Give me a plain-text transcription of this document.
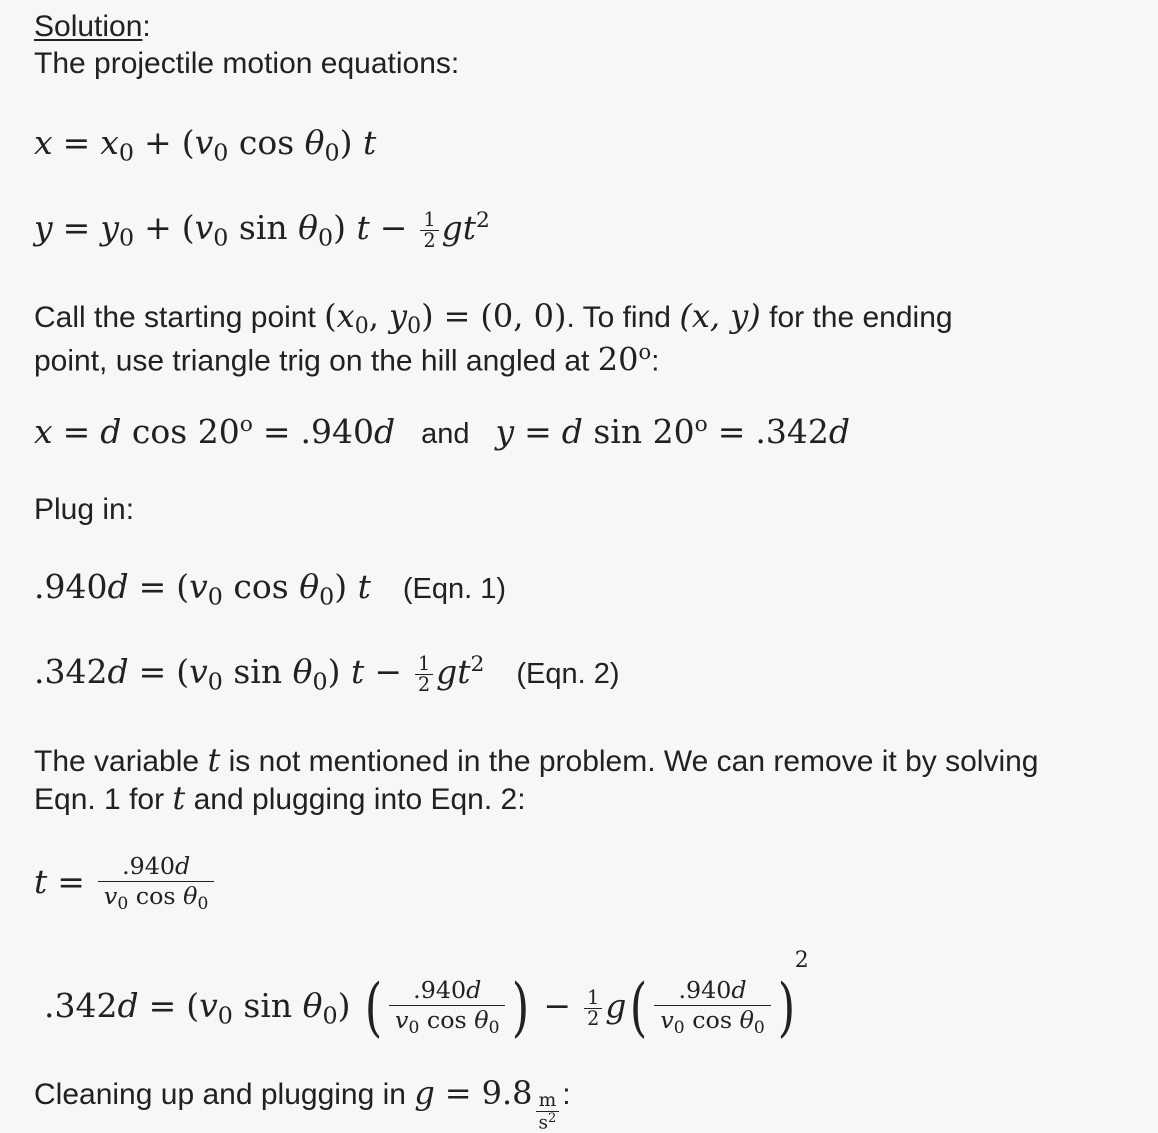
Solution:
The projectile motion equations:
$x = x_0 + (v_0$ $\cos \theta_0$) t
$y = y_0 + (v_0$ $\sin \theta_0$) $t - \frac{1}{2} gt^2$
Call the starting point ($x_0$, $y_0) = (0$, 0). To find (x, y) for the ending
point, use triangle trig on the hill angled at 20$^o$:
x = d $\cos 20^o = .940d$ and y = d $\sin 20^o = .342d$
Plug in:
$.940d = (v_0$ $\cos \theta_0$) t (Eqn. 1)
$.342d = (v_0$ $\sin \theta_0$) $t - \frac{1}{2} gt^2$ (Eqn. 2)
The variable t is not mentioned in the problem. We can remove it by solving
Eqn. 1 for t and plugging into Eqn. 2:
$t = \frac{.940d}{v_0 \cos \theta_0}$
$.342d = (v_0$ $\sin \theta_0$) ( $\frac{.940d}{v_0 \cos \theta_0}$ ) − $\frac{1}{2} g( \frac{.940d}{v_0 \cos \theta_0} )^2$
Cleaning up and plugging in $g = 9.8 \frac{m}{s^2}$ :
